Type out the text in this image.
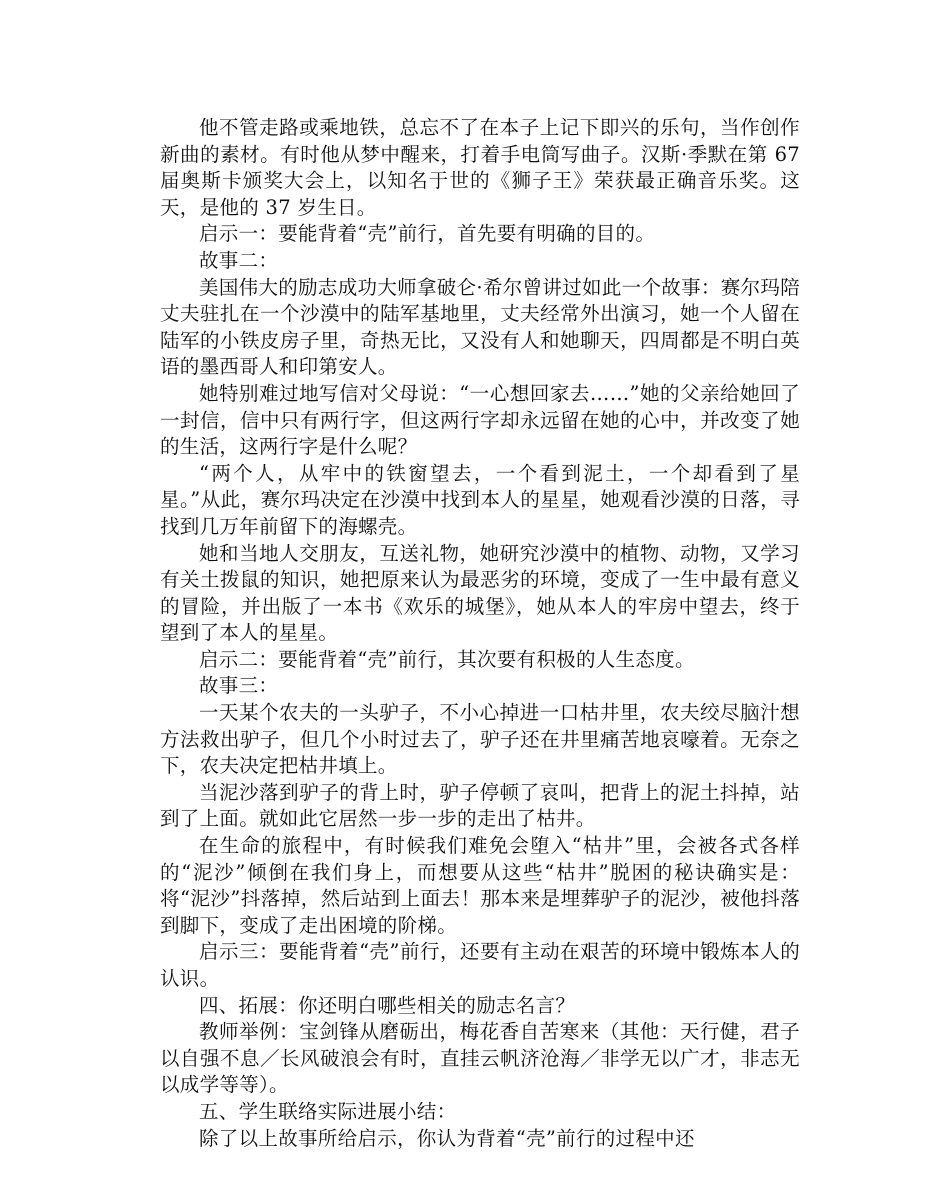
他不管走路或乘地铁，总忘不了在本子上记下即兴的乐句，当作创作新曲的素材。有时他从梦中醒来，打着手电筒写曲子。汉斯·季默在第 67 届奥斯卡颁奖大会上，以知名于世的《狮子王》荣获最正确音乐奖。这天，是他的 37 岁生日。

启示一：要能背着“壳”前行，首先要有明确的目的。

故事二：

美国伟大的励志成功大师拿破仑·希尔曾讲过如此一个故事：赛尔玛陪丈夫驻扎在一个沙漠中的陆军基地里，丈夫经常外出演习，她一个人留在陆军的小铁皮房子里，奇热无比，又没有人和她聊天，四周都是不明白英语的墨西哥人和印第安人。

她特别难过地写信对父母说：“一心想回家去……”她的父亲给她回了一封信，信中只有两行字，但这两行字却永远留在她的心中，并改变了她的生活，这两行字是什么呢？

“两个人，从牢中的铁窗望去，一个看到泥土，一个却看到了星星。”从此，赛尔玛决定在沙漠中找到本人的星星，她观看沙漠的日落，寻找到几万年前留下的海螺壳。

她和当地人交朋友，互送礼物，她研究沙漠中的植物、动物，又学习有关土拨鼠的知识，她把原来认为最恶劣的环境，变成了一生中最有意义的冒险，并出版了一本书《欢乐的城堡》，她从本人的牢房中望去，终于望到了本人的星星。

启示二：要能背着“壳”前行，其次要有积极的人生态度。

故事三：

一天某个农夫的一头驴子，不小心掉进一口枯井里，农夫绞尽脑汁想方法救出驴子，但几个小时过去了，驴子还在井里痛苦地哀嚎着。无奈之下，农夫决定把枯井填上。

当泥沙落到驴子的背上时，驴子停顿了哀叫，把背上的泥土抖掉，站到了上面。就如此它居然一步一步的走出了枯井。

在生命的旅程中，有时候我们难免会堕入“枯井”里，会被各式各样的“泥沙”倾倒在我们身上，而想要从这些“枯井”脱困的秘诀确实是：将“泥沙”抖落掉，然后站到上面去！那本来是埋葬驴子的泥沙，被他抖落到脚下，变成了走出困境的阶梯。

启示三：要能背着“壳”前行，还要有主动在艰苦的环境中锻炼本人的认识。

四、拓展：你还明白哪些相关的励志名言？

教师举例：宝剑锋从磨砺出，梅花香自苦寒来（其他：天行健，君子以自强不息／长风破浪会有时，直挂云帆济沧海／非学无以广才，非志无以成学等等）。

五、学生联络实际进展小结：

除了以上故事所给启示，你认为背着“壳”前行的过程中还
